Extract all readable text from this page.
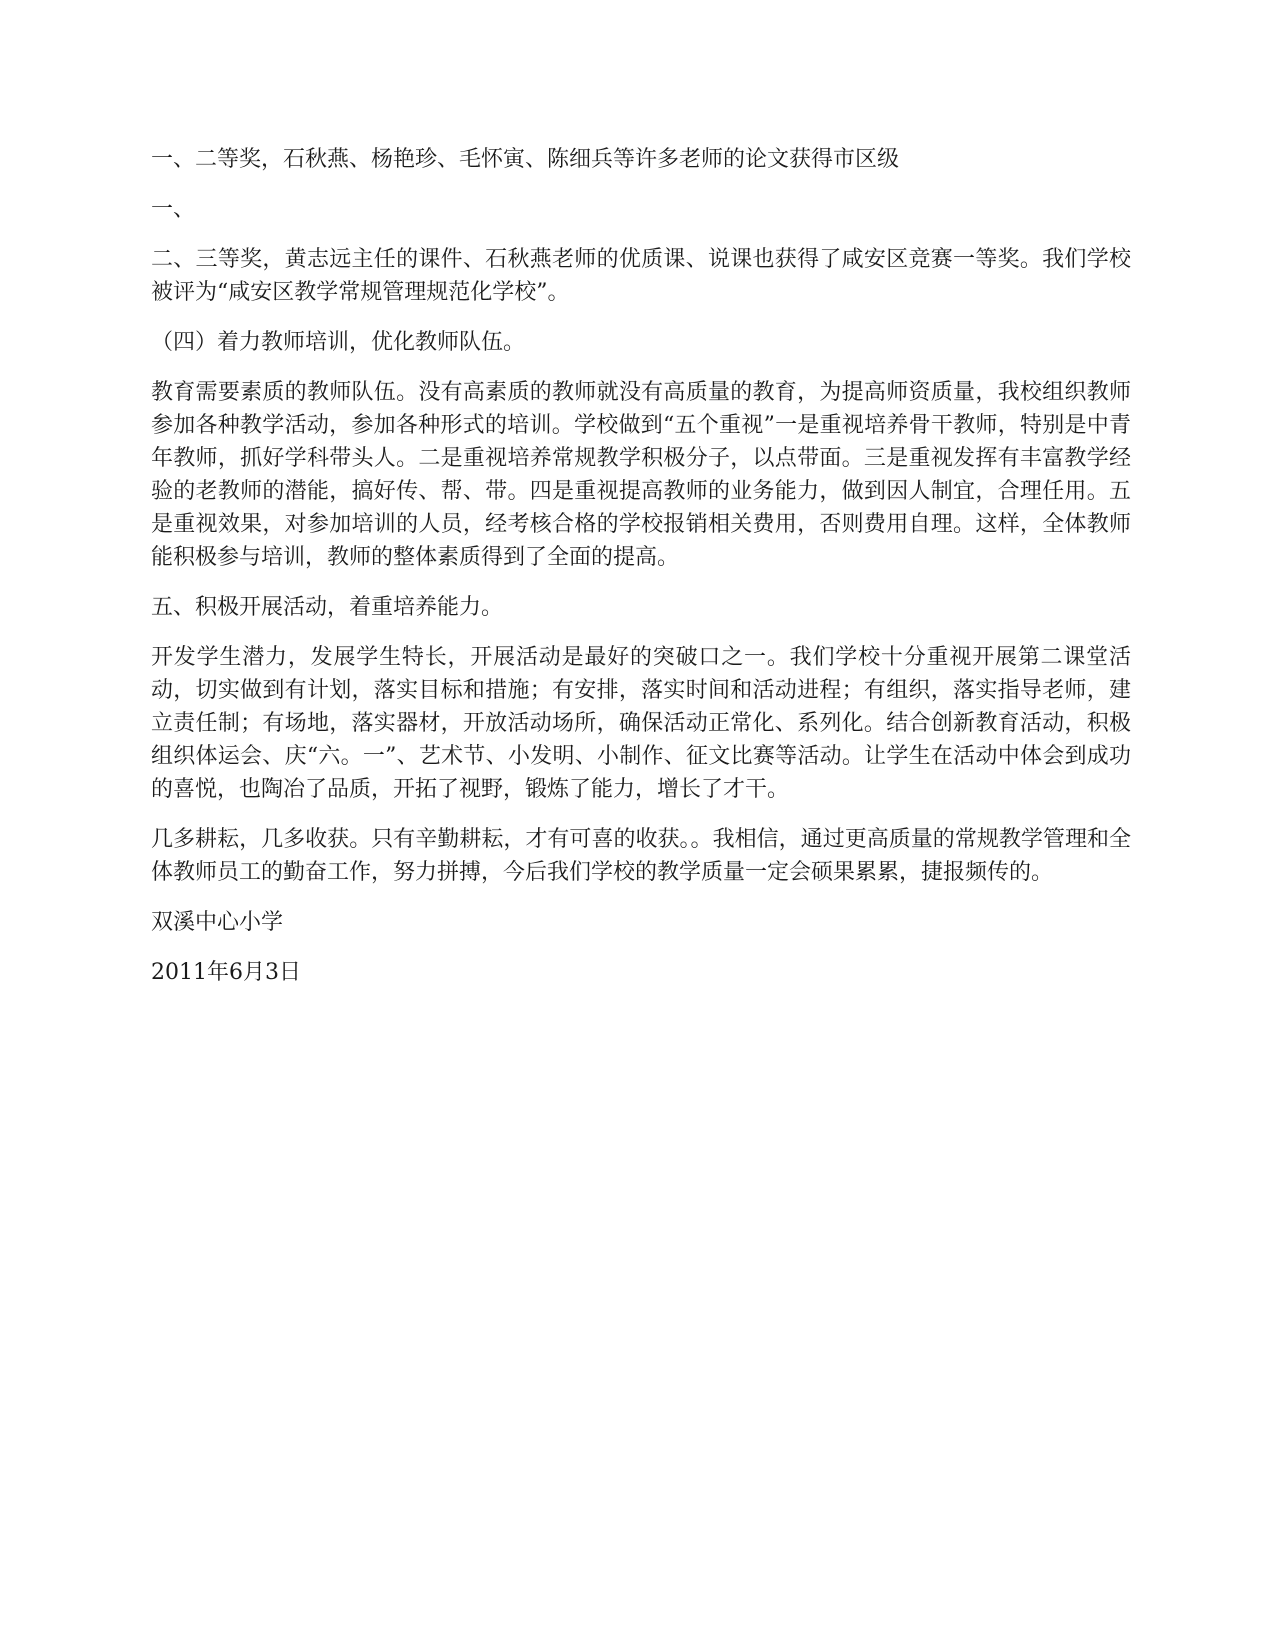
一、二等奖，石秋燕、杨艳珍、毛怀寅、陈细兵等许多老师的论文获得市区级

一、

二、三等奖，黄志远主任的课件、石秋燕老师的优质课、说课也获得了咸安区竞赛一等奖。我们学校被评为“咸安区教学常规管理规范化学校”。

（四）着力教师培训，优化教师队伍。

教育需要素质的教师队伍。没有高素质的教师就没有高质量的教育，为提高师资质量，我校组织教师参加各种教学活动，参加各种形式的培训。学校做到“五个重视”一是重视培养骨干教师，特别是中青年教师，抓好学科带头人。二是重视培养常规教学积极分子，以点带面。三是重视发挥有丰富教学经验的老教师的潜能，搞好传、帮、带。四是重视提高教师的业务能力，做到因人制宜，合理任用。五是重视效果，对参加培训的人员，经考核合格的学校报销相关费用，否则费用自理。这样，全体教师能积极参与培训，教师的整体素质得到了全面的提高。

五、积极开展活动，着重培养能力。

开发学生潜力，发展学生特长，开展活动是最好的突破口之一。我们学校十分重视开展第二课堂活动，切实做到有计划，落实目标和措施；有安排，落实时间和活动进程；有组织，落实指导老师，建立责任制；有场地，落实器材，开放活动场所，确保活动正常化、系列化。结合创新教育活动，积极组织体运会、庆“六。一”、艺术节、小发明、小制作、征文比赛等活动。让学生在活动中体会到成功的喜悦，也陶冶了品质，开拓了视野，锻炼了能力，增长了才干。

几多耕耘，几多收获。只有辛勤耕耘，才有可喜的收获。。我相信，通过更高质量的常规教学管理和全体教师员工的勤奋工作，努力拼搏，今后我们学校的教学质量一定会硕果累累，捷报频传的。

双溪中心小学

2011年6月3日
